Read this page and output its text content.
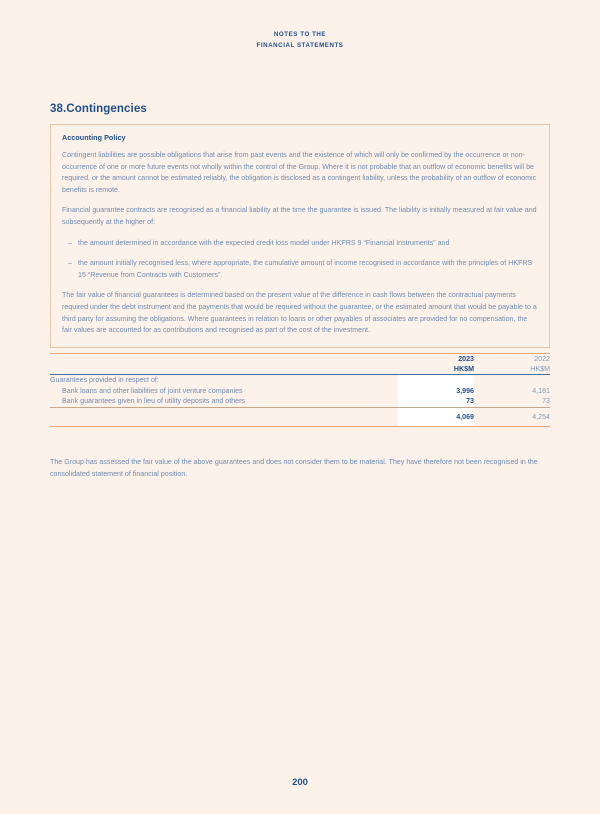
NOTES TO THE
FINANCIAL STATEMENTS
38.Contingencies
Accounting Policy

Contingent liabilities are possible obligations that arise from past events and the existence of which will only be confirmed by the occurrence or non-occurrence of one or more future events not wholly within the control of the Group. Where it is not probable that an outflow of economic benefits will be required, or the amount cannot be estimated reliably, the obligation is disclosed as a contingent liability, unless the probability of an outflow of economic benefits is remote.

Financial guarantee contracts are recognised as a financial liability at the time the guarantee is issued. The liability is initially measured at fair value and subsequently at the higher of:

– the amount determined in accordance with the expected credit loss model under HKFRS 9 “Financial Instruments” and
– the amount initially recognised less, where appropriate, the cumulative amount of income recognised in accordance with the principles of HKFRS 15 “Revenue from Contracts with Customers”.

The fair value of financial guarantees is determined based on the present value of the difference in cash flows between the contractual payments required under the debt instrument and the payments that would be required without the guarantee, or the estimated amount that would be payable to a third party for assuming the obligations. Where guarantees in relation to loans or other payables of associates are provided for no compensation, the fair values are accounted for as contributions and recognised as part of the cost of the investment.

	2023	2022
	HK$M	HK$M
Guarantees provided in respect of:		
Bank loans and other liabilities of joint venture companies	3,996	4,181
Bank guarantees given in lieu of utility deposits and others	73	73
	4,069	4,254
The Group has assessed the fair value of the above guarantees and does not consider them to be material. They have therefore not been recognised in the consolidated statement of financial position.
200
